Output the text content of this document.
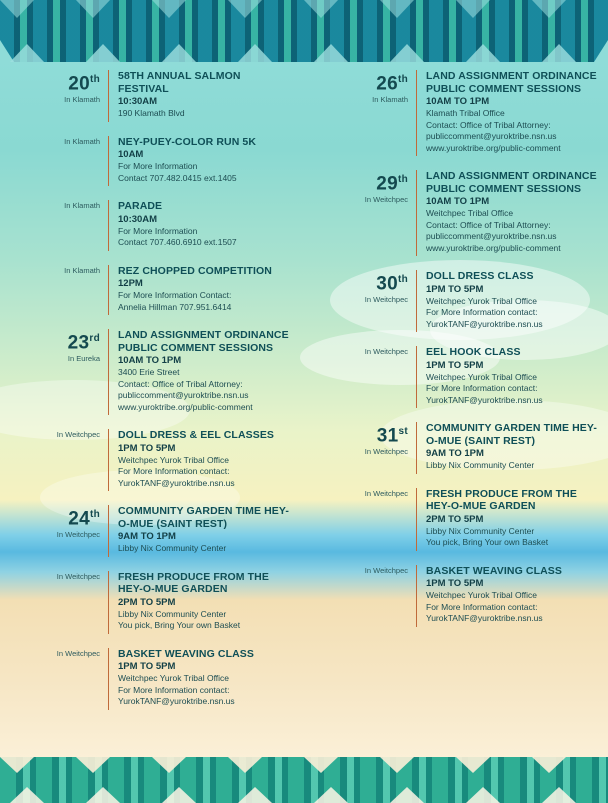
20th
In Klamath
58TH ANNUAL SALMON FESTIVAL
10:30AM
190 Klamath Blvd
In Klamath NEY-PUEY-COLOR RUN 5K
10AM
For More Information
Contact 707.482.0415 ext.1405
In Klamath PARADE
10:30AM
For More Information
Contact 707.460.6910 ext.1507
In Klamath REZ CHOPPED COMPETITION
12PM
For More Information Contact:
Annelia Hillman 707.951.6414
23rd
In Eureka
LAND ASSIGNMENT ORDINANCE PUBLIC COMMENT SESSIONS
10AM TO 1PM
3400 Erie Street
Contact: Office of Tribal Attorney:
publiccomment@yuroktribe.nsn.us
www.yuroktribe.org/public-comment
In Weitchpec DOLL DRESS & EEL CLASSES
1PM TO 5PM
Weitchpec Yurok Tribal Office
For More Information contact:
YurokTANF@yuroktribe.nsn.us
24th
In Weitchpec
COMMUNITY GARDEN TIME HEY-O-MUE (SAINT REST)
9AM TO 1PM
Libby Nix Community Center
In Weitchpec FRESH PRODUCE FROM THE HEY-O-MUE GARDEN
2PM TO 5PM
Libby Nix Community Center
You pick, Bring Your own Basket
In Weitchpec BASKET WEAVING CLASS
1PM TO 5PM
Weitchpec Yurok Tribal Office
For More Information contact:
YurokTANF@yuroktribe.nsn.us
26th
In Klamath
LAND ASSIGNMENT ORDINANCE PUBLIC COMMENT SESSIONS
10AM TO 1PM
Klamath Tribal Office
Contact: Office of Tribal Attorney:
publiccomment@yuroktribe.nsn.us
www.yuroktribe.org/public-comment
29th
In Weitchpec
LAND ASSIGNMENT ORDINANCE PUBLIC COMMENT SESSIONS
10AM TO 1PM
Weitchpec Tribal Office
Contact: Office of Tribal Attorney:
publiccomment@yuroktribe.nsn.us
www.yuroktribe.org/public-comment
30th
In Weitchpec
DOLL DRESS CLASS
1PM TO 5PM
Weitchpec Yurok Tribal Office
For More Information contact:
YurokTANF@yuroktribe.nsn.us
In Weitchpec EEL HOOK CLASS
1PM TO 5PM
Weitchpec Yurok Tribal Office
For More Information contact:
YurokTANF@yuroktribe.nsn.us
31st
In Weitchpec
COMMUNITY GARDEN TIME HEY-O-MUE (SAINT REST)
9AM TO 1PM
Libby Nix Community Center
In Weitchpec FRESH PRODUCE FROM THE HEY-O-MUE GARDEN
2PM TO 5PM
Libby Nix Community Center
You pick, Bring Your own Basket
In Weitchpec BASKET WEAVING CLASS
1PM TO 5PM
Weitchpec Yurok Tribal Office
For More Information contact:
YurokTANF@yuroktribe.nsn.us
